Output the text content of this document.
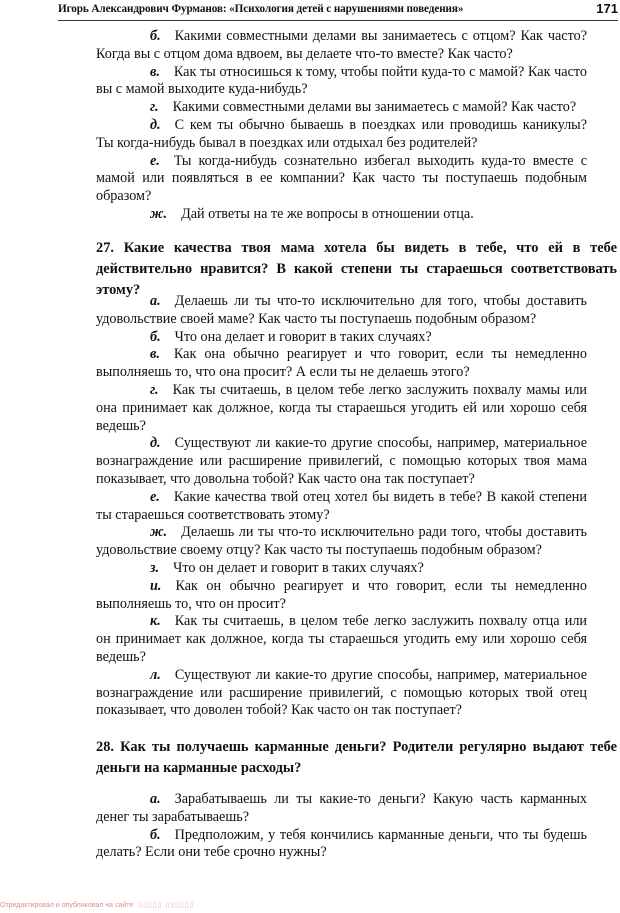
Игорь Александрович Фурманов: «Психология детей с нарушениями поведения»	171

б. Какими совместными делами вы занимаетесь с отцом? Как часто? Когда вы с отцом дома вдвоем, вы делаете что-то вместе? Как часто?

в. Как ты относишься к тому, чтобы пойти куда-то с мамой? Как часто вы с мамой выходите куда-нибудь?

г. Какими совместными делами вы занимаетесь с мамой? Как часто?

д. С кем ты обычно бываешь в поездках или проводишь каникулы? Ты когда-нибудь бывал в поездках или отдыхал без родителей?

е. Ты когда-нибудь сознательно избегал выходить куда-то вместе с мамой или появляться в ее компании? Как часто ты поступаешь подобным образом?

ж. Дай ответы на те же вопросы в отношении отца.

27. Какие качества твоя мама хотела бы видеть в тебе, что ей в тебе действительно нравится? В какой степени ты стараешься соответствовать этому?

а. Делаешь ли ты что-то исключительно для того, чтобы доставить удовольствие своей маме? Как часто ты поступаешь подобным образом?

б. Что она делает и говорит в таких случаях?

в. Как она обычно реагирует и что говорит, если ты немедленно выполняешь то, что она просит? А если ты не делаешь этого?

г. Как ты считаешь, в целом тебе легко заслужить похвалу мамы или она принимает как должное, когда ты стараешься угодить ей или хорошо себя ведешь?

д. Существуют ли какие-то другие способы, например, материальное вознаграждение или расширение привилегий, с помощью которых твоя мама показывает, что довольна тобой? Как часто она так поступает?

е. Какие качества твой отец хотел бы видеть в тебе? В какой степени ты стараешься соответствовать этому?

ж. Делаешь ли ты что-то исключительно ради того, чтобы доставить удовольствие своему отцу? Как часто ты поступаешь подобным образом?

з. Что он делает и говорит в таких случаях?

и. Как он обычно реагирует и что говорит, если ты немедленно выполняешь то, что он просит?

к. Как ты считаешь, в целом тебе легко заслужить похвалу отца или он принимает как должное, когда ты стараешься угодить ему или хорошо себя ведешь?

л. Существуют ли какие-то другие способы, например, материальное вознаграждение или расширение привилегий, с помощью которых твой отец показывает, что доволен тобой? Как часто он так поступает?

28. Как ты получаешь карманные деньги? Родители регулярно выдают тебе деньги на карманные расходы?

а. Зарабатываешь ли ты какие-то деньги? Какую часть карманных денег ты зарабатываешь?

б. Предположим, у тебя кончились карманные деньги, что ты будешь делать? Если они тебе срочно нужны?

Отредактировал и опубликовал на сайте ▯▯▯▯▯ ▯▯▯▯▯▯
